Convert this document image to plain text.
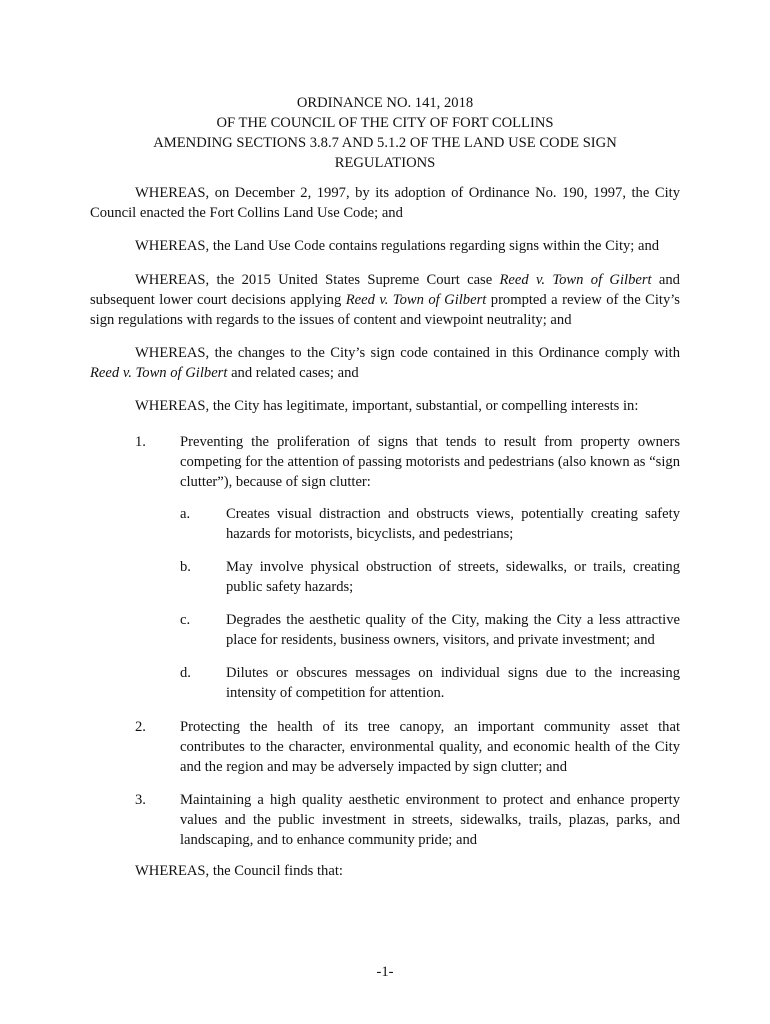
ORDINANCE NO. 141, 2018
OF THE COUNCIL OF THE CITY OF FORT COLLINS
AMENDING SECTIONS 3.8.7 AND 5.1.2 OF THE LAND USE CODE SIGN
REGULATIONS
WHEREAS, on December 2, 1997, by its adoption of Ordinance No. 190, 1997, the City Council enacted the Fort Collins Land Use Code; and
WHEREAS, the Land Use Code contains regulations regarding signs within the City; and
WHEREAS, the 2015 United States Supreme Court case Reed v. Town of Gilbert and subsequent lower court decisions applying Reed v. Town of Gilbert prompted a review of the City’s sign regulations with regards to the issues of content and viewpoint neutrality; and
WHEREAS, the changes to the City’s sign code contained in this Ordinance comply with Reed v. Town of Gilbert and related cases; and
WHEREAS, the City has legitimate, important, substantial, or compelling interests in:
1.	Preventing the proliferation of signs that tends to result from property owners competing for the attention of passing motorists and pedestrians (also known as “sign clutter”), because of sign clutter:
a.	Creates visual distraction and obstructs views, potentially creating safety hazards for motorists, bicyclists, and pedestrians;
b.	May involve physical obstruction of streets, sidewalks, or trails, creating public safety hazards;
c.	Degrades the aesthetic quality of the City, making the City a less attractive place for residents, business owners, visitors, and private investment; and
d.	Dilutes or obscures messages on individual signs due to the increasing intensity of competition for attention.
2.	Protecting the health of its tree canopy, an important community asset that contributes to the character, environmental quality, and economic health of the City and the region and may be adversely impacted by sign clutter; and
3.	Maintaining a high quality aesthetic environment to protect and enhance property values and the public investment in streets, sidewalks, trails, plazas, parks, and landscaping, and to enhance community pride; and
WHEREAS, the Council finds that:
-1-
